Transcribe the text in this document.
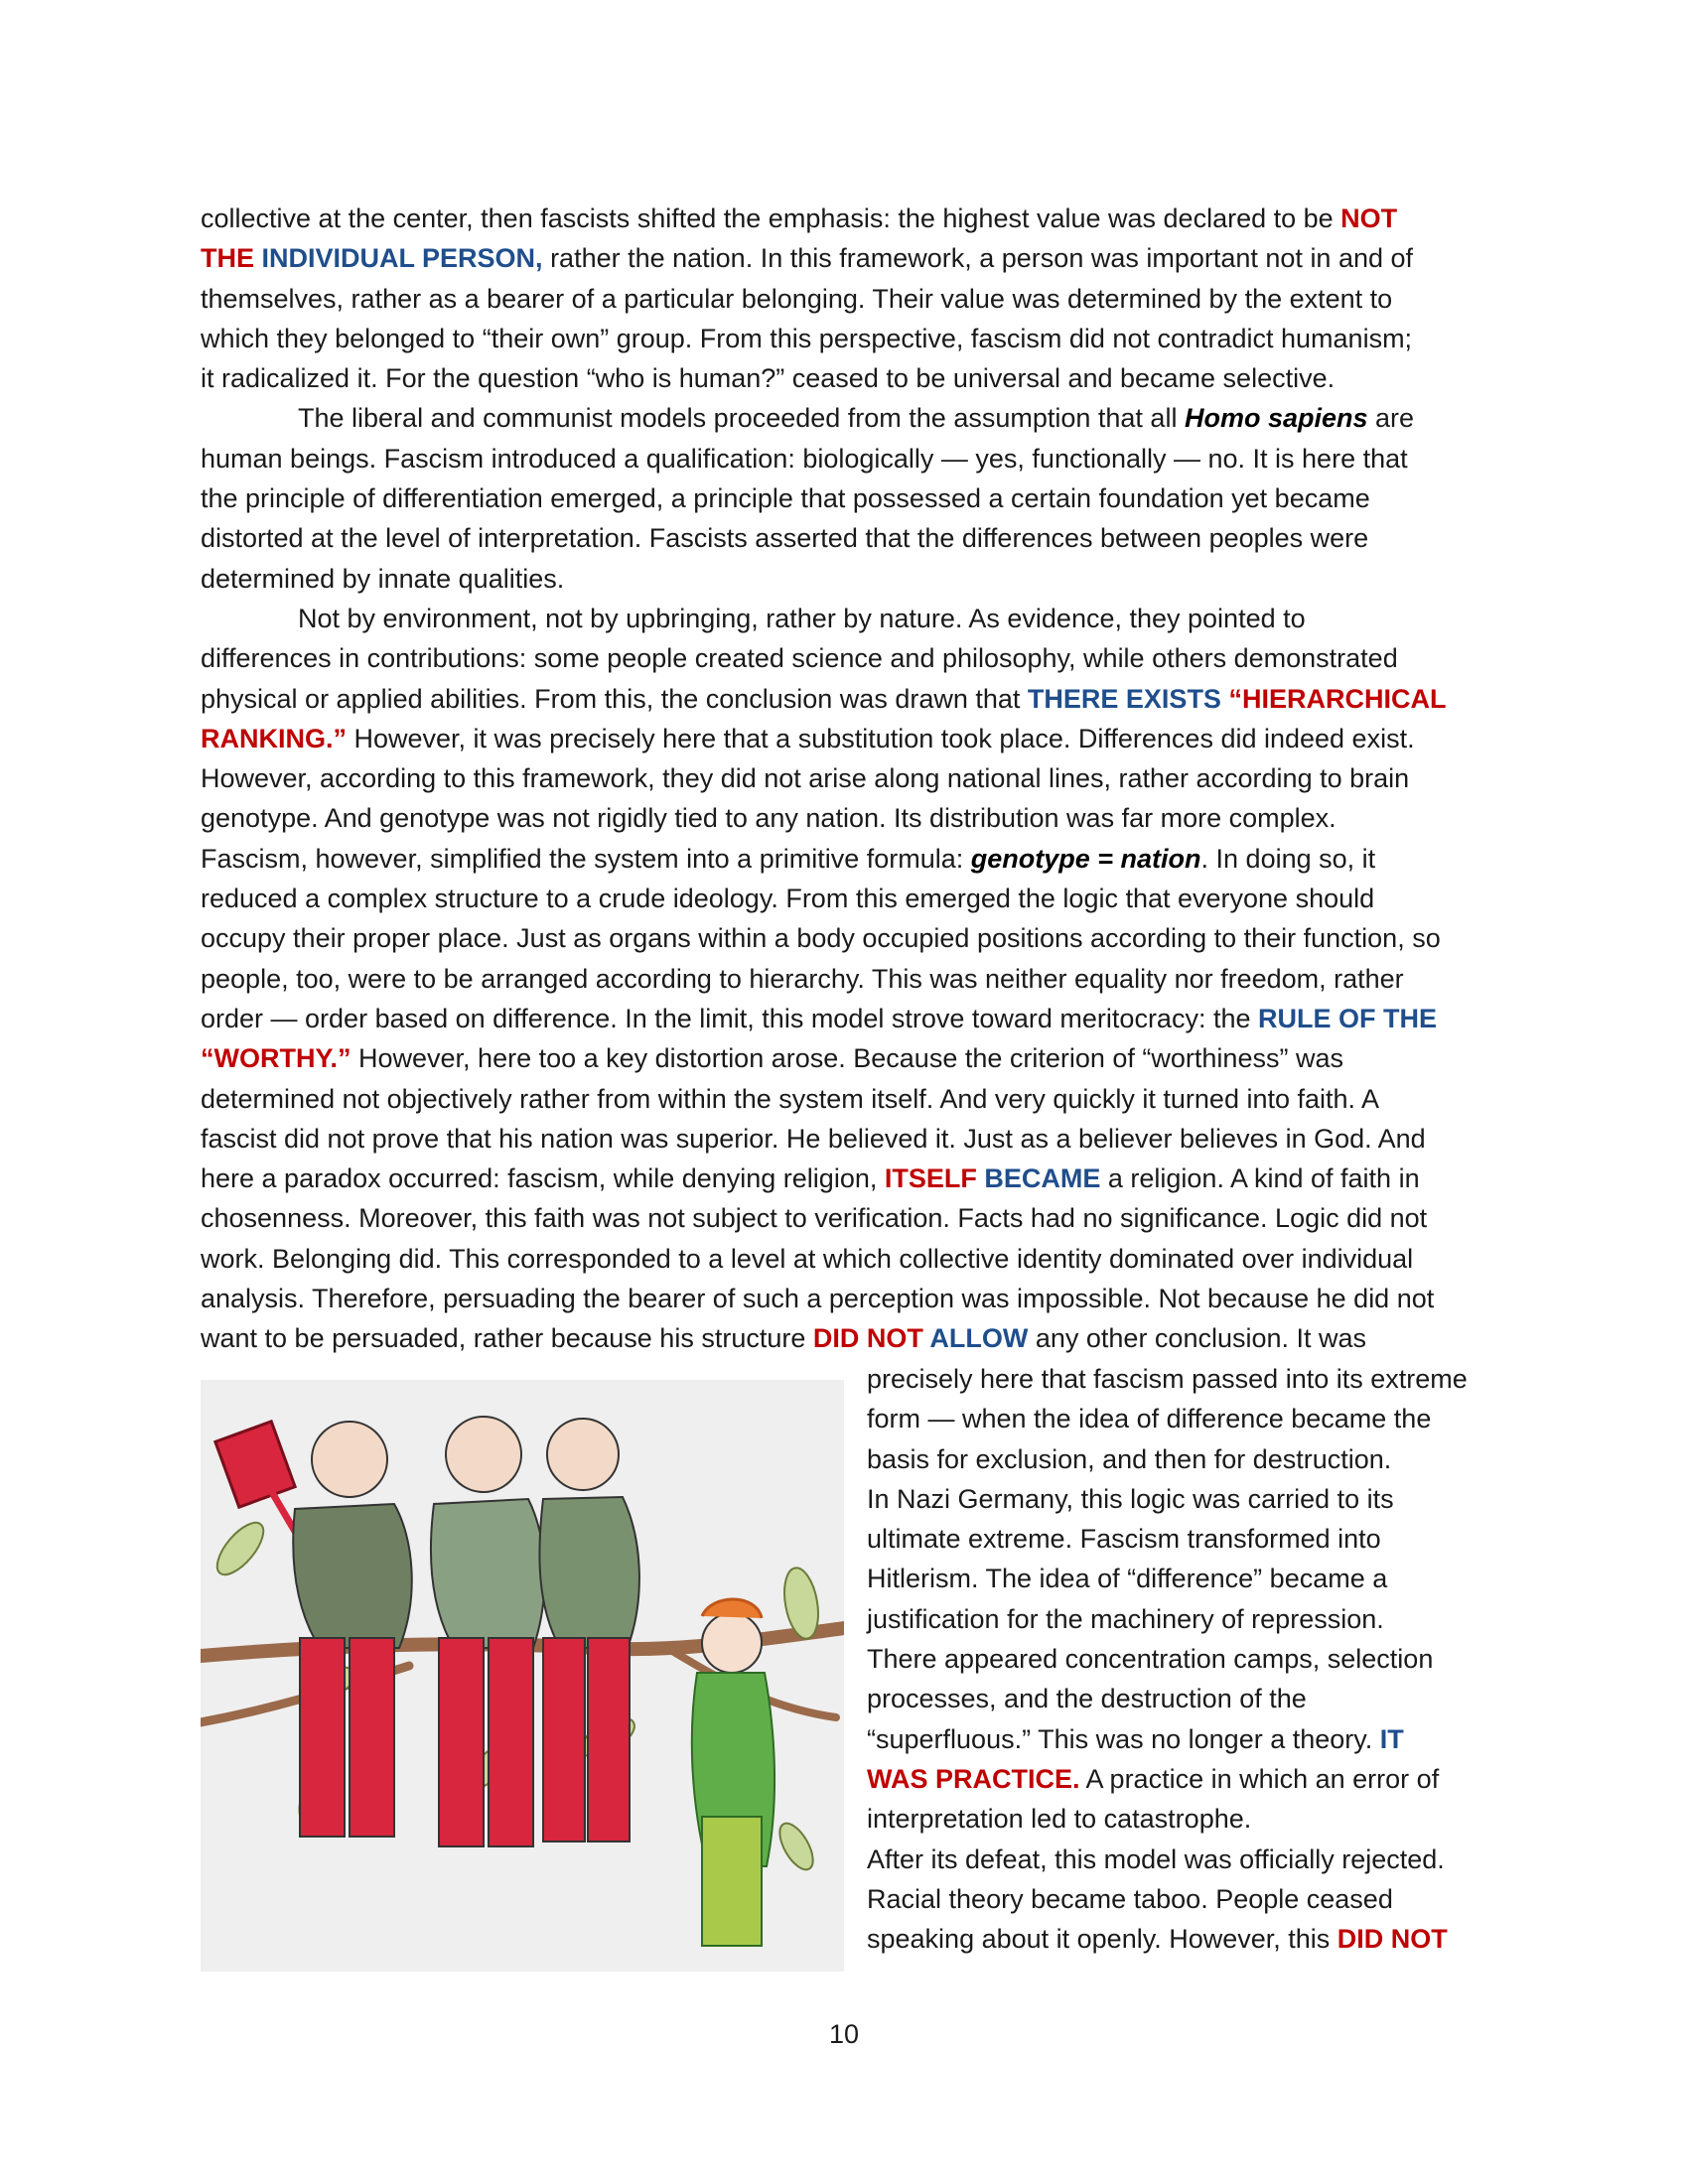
collective at the center, then fascists shifted the emphasis: the highest value was declared to be NOT
THE INDIVIDUAL PERSON, rather the nation. In this framework, a person was important not in and of
themselves, rather as a bearer of a particular belonging. Their value was determined by the extent to
which they belonged to “their own” group. From this perspective, fascism did not contradict humanism;
it radicalized it. For the question “who is human?” ceased to be universal and became selective.
The liberal and communist models proceeded from the assumption that all Homo sapiens are
human beings. Fascism introduced a qualification: biologically — yes, functionally — no. It is here that
the principle of differentiation emerged, a principle that possessed a certain foundation yet became
distorted at the level of interpretation. Fascists asserted that the differences between peoples were
determined by innate qualities.
Not by environment, not by upbringing, rather by nature. As evidence, they pointed to
differences in contributions: some people created science and philosophy, while others demonstrated
physical or applied abilities. From this, the conclusion was drawn that THERE EXISTS “HIERARCHICAL
RANKING.” However, it was precisely here that a substitution took place. Differences did indeed exist.
However, according to this framework, they did not arise along national lines, rather according to brain
genotype. And genotype was not rigidly tied to any nation. Its distribution was far more complex.
Fascism, however, simplified the system into a primitive formula: genotype = nation. In doing so, it
reduced a complex structure to a crude ideology. From this emerged the logic that everyone should
occupy their proper place. Just as organs within a body occupied positions according to their function, so
people, too, were to be arranged according to hierarchy. This was neither equality nor freedom, rather
order — order based on difference. In the limit, this model strove toward meritocracy: the RULE OF THE
“WORTHY.” However, here too a key distortion arose. Because the criterion of “worthiness” was
determined not objectively rather from within the system itself. And very quickly it turned into faith. A
fascist did not prove that his nation was superior. He believed it. Just as a believer believes in God. And
here a paradox occurred: fascism, while denying religion, ITSELF BECAME a religion. A kind of faith in
chosenness. Moreover, this faith was not subject to verification. Facts had no significance. Logic did not
work. Belonging did. This corresponded to a level at which collective identity dominated over individual
analysis. Therefore, persuading the bearer of such a perception was impossible. Not because he did not
want to be persuaded, rather because his structure DID NOT ALLOW any other conclusion. It was
precisely here that fascism passed into its extreme
form — when the idea of difference became the
basis for exclusion, and then for destruction.
In Nazi Germany, this logic was carried to its
ultimate extreme. Fascism transformed into
Hitlerism. The idea of “difference” became a
justification for the machinery of repression.
There appeared concentration camps, selection
processes, and the destruction of the
“superfluous.” This was no longer a theory. IT
WAS PRACTICE. A practice in which an error of
interpretation led to catastrophe.
After its defeat, this model was officially rejected.
Racial theory became taboo. People ceased
speaking about it openly. However, this DID NOT
10
